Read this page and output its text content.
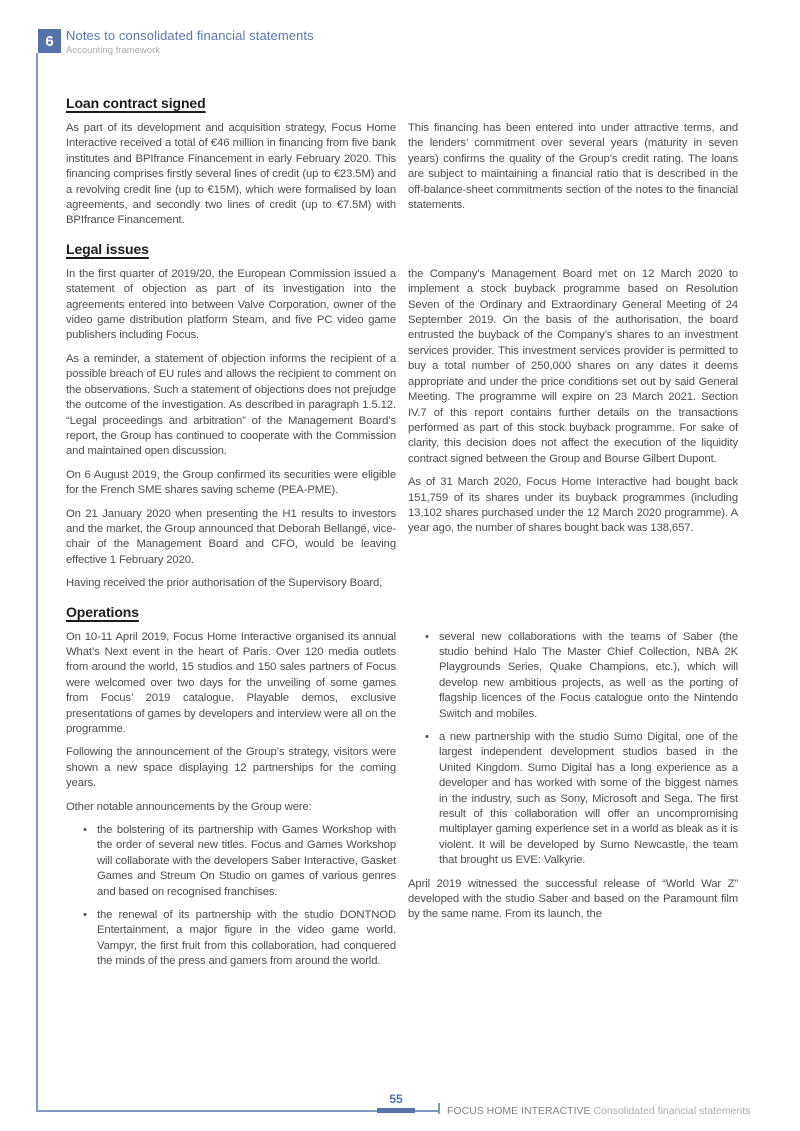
6 Notes to consolidated financial statements
Accounting framework
Loan contract signed

As part of its development and acquisition strategy, Focus Home Interactive received a total of €46 million in financing from five bank institutes and BPIfrance Financement in early February 2020. This financing comprises firstly several lines of credit (up to €23.5M) and a revolving credit line (up to €15M), which were formalised by loan agreements, and secondly two lines of credit (up to €7.5M) with BPIfrance Financement.

This financing has been entered into under attractive terms, and the lenders’ commitment over several years (maturity in seven years) confirms the quality of the Group’s credit rating. The loans are subject to maintaining a financial ratio that is described in the off-balance-sheet commitments section of the notes to the financial statements.

Legal issues

In the first quarter of 2019/20, the European Commission issued a statement of objection as part of its investigation into the agreements entered into between Valve Corporation, owner of the video game distribution platform Steam, and five PC video game publishers including Focus.

As a reminder, a statement of objection informs the recipient of a possible breach of EU rules and allows the recipient to comment on the observations. Such a statement of objections does not prejudge the outcome of the investigation. As described in paragraph 1.5.12. “Legal proceedings and arbitration” of the Management Board’s report, the Group has continued to cooperate with the Commission and maintained open discussion.

On 6 August 2019, the Group confirmed its securities were eligible for the French SME shares saving scheme (PEA-PME).

On 21 January 2020 when presenting the H1 results to investors and the market, the Group announced that Deborah Bellangé, vice-chair of the Management Board and CFO, would be leaving effective 1 February 2020.

Having received the prior authorisation of the Supervisory Board,

the Company’s Management Board met on 12 March 2020 to implement a stock buyback programme based on Resolution Seven of the Ordinary and Extraordinary General Meeting of 24 September 2019. On the basis of the authorisation, the board entrusted the buyback of the Company’s shares to an investment services provider. This investment services provider is permitted to buy a total number of 250,000 shares on any dates it deems appropriate and under the price conditions set out by said General Meeting. The programme will expire on 23 March 2021. Section IV.7 of this report contains further details on the transactions performed as part of this stock buyback programme. For sake of clarity, this decision does not affect the execution of the liquidity contract signed between the Group and Bourse Gilbert Dupont.

As of 31 March 2020, Focus Home Interactive had bought back 151,759 of its shares under its buyback programmes (including 13,102 shares purchased under the 12 March 2020 programme). A year ago, the number of shares bought back was 138,657.

Operations

On 10-11 April 2019, Focus Home Interactive organised its annual What’s Next event in the heart of Paris. Over 120 media outlets from around the world, 15 studios and 150 sales partners of Focus were welcomed over two days for the unveiling of some games from Focus’ 2019 catalogue. Playable demos, exclusive presentations of games by developers and interview were all on the programme.

Following the announcement of the Group’s strategy, visitors were shown a new space displaying 12 partnerships for the coming years.

Other notable announcements by the Group were:

• the bolstering of its partnership with Games Workshop with the order of several new titles. Focus and Games Workshop will collaborate with the developers Saber Interactive, Gasket Games and Streum On Studio on games of various genres and based on recognised franchises.

• the renewal of its partnership with the studio DONTNOD Entertainment, a major figure in the video game world. Vampyr, the first fruit from this collaboration, had conquered the minds of the press and gamers from around the world.

• several new collaborations with the teams of Saber (the studio behind Halo The Master Chief Collection, NBA 2K Playgrounds Series, Quake Champions, etc.), which will develop new ambitious projects, as well as the porting of flagship licences of the Focus catalogue onto the Nintendo Switch and mobiles.

• a new partnership with the studio Sumo Digital, one of the largest independent development studios based in the United Kingdom. Sumo Digital has a long experience as a developer and has worked with some of the biggest names in the industry, such as Sony, Microsoft and Sega. The first result of this collaboration will offer an uncompromising multiplayer gaming experience set in a world as bleak as it is violent. It will be developed by Sumo Newcastle, the team that brought us EVE: Valkyrie.

April 2019 witnessed the successful release of “World War Z” developed with the studio Saber and based on the Paramount film by the same name. From its launch, the

55
FOCUS HOME INTERACTIVE Consolidated financial statements
